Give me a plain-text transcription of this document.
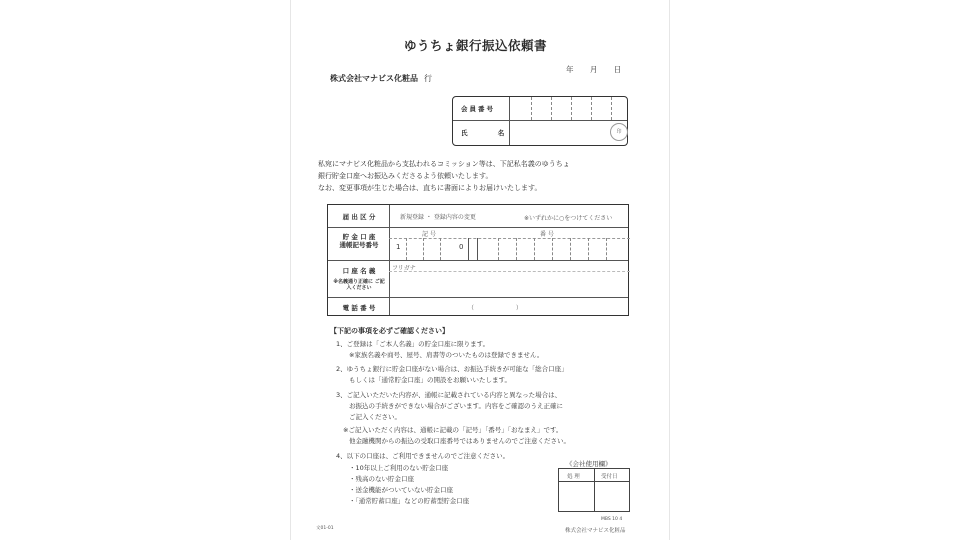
ゆうちょ銀行振込依頼書
年 月 日
株式会社マナビス化粧品 行
会員番号
氏 名	印
私宛にマナビス化粧品から支払われるコミッション等は、下記私名義のゆうちょ
銀行貯金口座へお振込みくださるよう依頼いたします。
なお、変更事項が生じた場合は、直ちに書面によりお届けいたします。
届 出 区 分	新規登録 ・ 登録内容の変更	※いずれかに○をつけてください
貯 金 口 座
通帳記号番号
記 号	番 号
1	0
口 座 名 義
※名義通り正確に ご記入ください
フリガナ
電 話 番 号	（ ）
【下記の事項を必ずご確認ください】
1、ご登録は「ご本人名義」の貯金口座に限ります。
※家族名義や商号、屋号、肩書等のついたものは登録できません。
2、ゆうちょ銀行に貯金口座がない場合は、お振込手続きが可能な「総合口座」
もしくは「通常貯金口座」の開設をお願いいたします。
3、ご記入いただいた内容が、通帳に記載されている内容と異なった場合は、
お振込の手続きができない場合がございます。内容をご確認のうえ正確に
ご記入ください。
※ご記入いただく内容は、通帳に記載の「記号」「番号」「おなまえ」です。
他金融機関からの振込の受取口座番号ではありませんのでご注意ください。
4、以下の口座は、ご利用できませんのでご注意ください。
・10年以上ご利用のない貯金口座
・残高のない貯金口座
・送金機能がついていない貯金口座
・「通常貯蓄口座」などの貯蓄型貯金口座
《会社使用欄》
処 理	受付日
文01-01
MBS 10 4
株式会社マナビス化粧品
